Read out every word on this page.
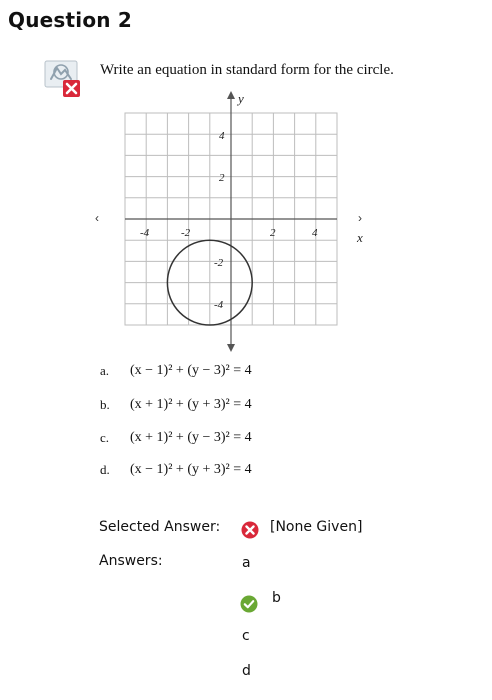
Question 2
Write an equation in standard form for the circle.
y
x
‹	›
4
2
-2
-4
-4	-2	2	4
a.	(x − 1)² + (y − 3)² = 4
b.	(x + 1)² + (y + 3)² = 4
c.	(x + 1)² + (y − 3)² = 4
d.	(x − 1)² + (y + 3)² = 4
Selected Answer:	[None Given]
Answers:	a
b
c
d
